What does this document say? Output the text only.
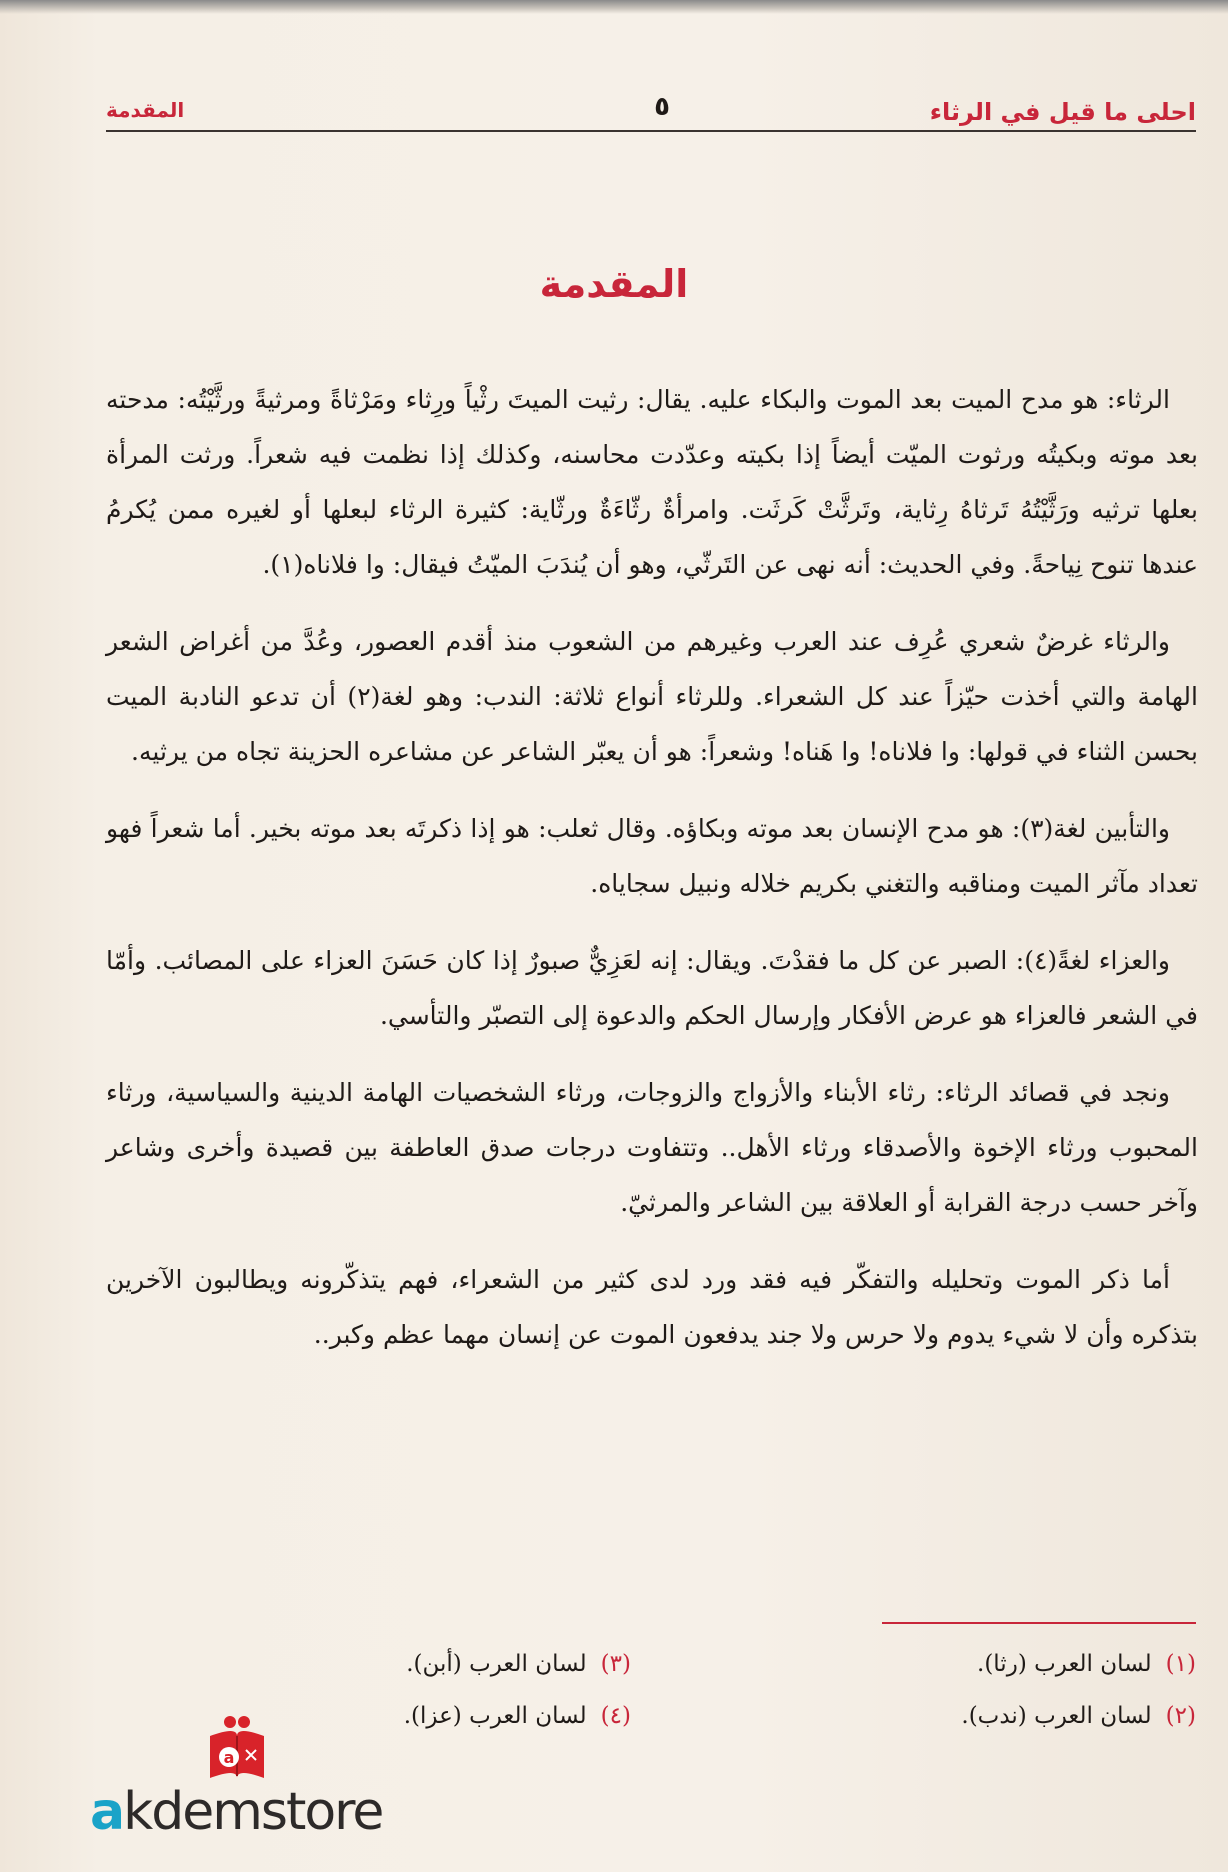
احلى ما قيل في الرثاء
٥
المقدمة
المقدمة

الرثاء: هو مدح الميت بعد الموت والبكاء عليه. يقال: رثيت الميتَ رثْياً ورِثاء ومَرْثاةً ومرثيةً ورثَّيْتُه: مدحته بعد موته وبكيتُه ورثوت الميّت أيضاً إذا بكيته وعدّدت محاسنه، وكذلك إذا نظمت فيه شعراً. ورثت المرأة بعلها ترثيه ورَثَّيْتُهُ تَرثاهُ رِثاية، وتَرثَّتْ كَرثَت. وامرأةٌ رثّاءَةٌ ورثّاية: كثيرة الرثاء لبعلها أو لغيره ممن يُكرمُ عندها تنوح نِياحةً. وفي الحديث: أنه نهى عن التَرثّي، وهو أن يُندَبَ الميّتُ فيقال: وا فلاناه(١).

والرثاء غرضٌ شعري عُرِف عند العرب وغيرهم من الشعوب منذ أقدم العصور، وعُدَّ من أغراض الشعر الهامة والتي أخذت حيّزاً عند كل الشعراء. وللرثاء أنواع ثلاثة: الندب: وهو لغة(٢) أن تدعو النادبة الميت بحسن الثناء في قولها: وا فلاناه! وا هَناه! وشعراً: هو أن يعبّر الشاعر عن مشاعره الحزينة تجاه من يرثيه.

والتأبين لغة(٣): هو مدح الإنسان بعد موته وبكاؤه. وقال ثعلب: هو إذا ذكرتَه بعد موته بخير. أما شعراً فهو تعداد مآثر الميت ومناقبه والتغني بكريم خلاله ونبيل سجاياه.

والعزاء لغةً(٤): الصبر عن كل ما فقدْتَ. ويقال: إنه لعَزِيٌّ صبورٌ إذا كان حَسَنَ العزاء على المصائب. وأمّا في الشعر فالعزاء هو عرض الأفكار وإرسال الحكم والدعوة إلى التصبّر والتأسي.

ونجد في قصائد الرثاء: رثاء الأبناء والأزواج والزوجات، ورثاء الشخصيات الهامة الدينية والسياسية، ورثاء المحبوب ورثاء الإخوة والأصدقاء ورثاء الأهل.. وتتفاوت درجات صدق العاطفة بين قصيدة وأخرى وشاعر وآخر حسب درجة القرابة أو العلاقة بين الشاعر والمرثيّ.

أما ذكر الموت وتحليله والتفكّر فيه فقد ورد لدى كثير من الشعراء، فهم يتذكّرونه ويطالبون الآخرين بتذكره وأن لا شيء يدوم ولا حرس ولا جند يدفعون الموت عن إنسان مهما عظم وكبر..

(١)لسان العرب (رثا).
(٣)لسان العرب (أبن).
(٢)لسان العرب (ندب).
(٤)لسان العرب (عزا).
a
akdemstore
